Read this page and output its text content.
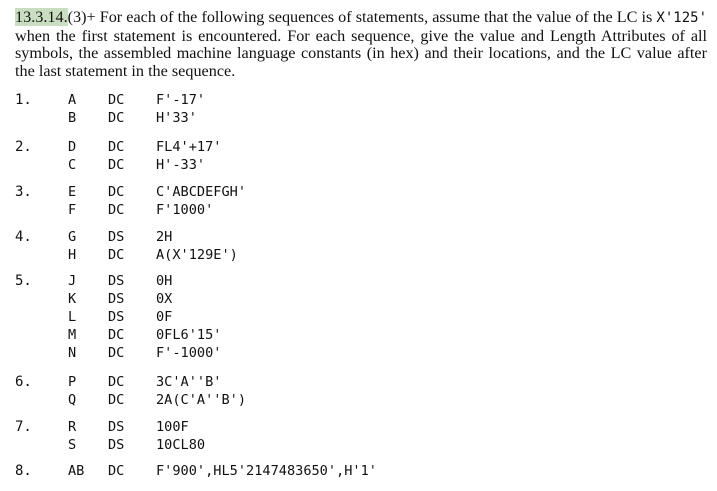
13.3.14.(3)+ For each of the following sequences of statements, assume that the value of the LC is X'125' when the first statement is encountered. For each sequence, give the value and Length Attributes of all symbols, the assembled machine language constants (in hex) and their locations, and the LC value after the last statement in the sequence.
1.	A DC F'-17'
B DC H'33'
2.	D DC FL4'+17'
C DC H'-33'
3.	E DC C'ABCDEFGH'
F DC F'1000'
4.	G DS 2H
H DC A(X'129E')
5.	J DS 0H
K DS 0X
L DS 0F
M DC 0FL6'15'
N DC F'-1000'
6.	P DC 3C'A''B'
Q DC 2A(C'A''B')
7.	R DS 100F
S DS 10CL80
8.	AB DC F'900',HL5'2147483650',H'1'
